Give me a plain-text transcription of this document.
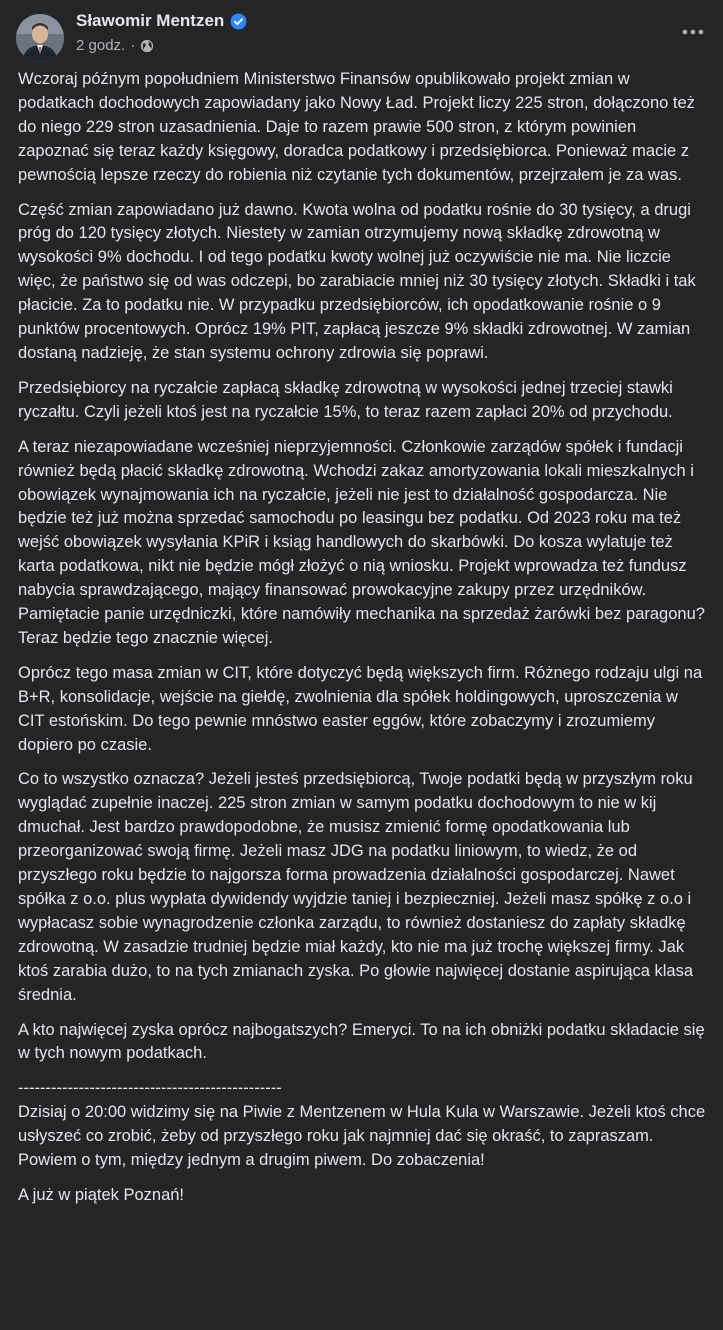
Sławomir Mentzen
2 godz. ·

Wczoraj późnym popołudniem Ministerstwo Finansów opublikowało projekt zmian w podatkach dochodowych zapowiadany jako Nowy Ład. Projekt liczy 225 stron, dołączono też do niego 229 stron uzasadnienia. Daje to razem prawie 500 stron, z którym powinien zapoznać się teraz każdy księgowy, doradca podatkowy i przedsiębiorca. Ponieważ macie z pewnością lepsze rzeczy do robienia niż czytanie tych dokumentów, przejrzałem je za was.

Część zmian zapowiadano już dawno. Kwota wolna od podatku rośnie do 30 tysięcy, a drugi próg do 120 tysięcy złotych. Niestety w zamian otrzymujemy nową składkę zdrowotną w wysokości 9% dochodu. I od tego podatku kwoty wolnej już oczywiście nie ma. Nie liczcie więc, że państwo się od was odczepi, bo zarabiacie mniej niż 30 tysięcy złotych. Składki i tak płacicie. Za to podatku nie. W przypadku przedsiębiorców, ich opodatkowanie rośnie o 9 punktów procentowych. Oprócz 19% PIT, zapłacą jeszcze 9% składki zdrowotnej. W zamian dostaną nadzieję, że stan systemu ochrony zdrowia się poprawi.

Przedsiębiorcy na ryczałcie zapłacą składkę zdrowotną w wysokości jednej trzeciej stawki ryczałtu. Czyli jeżeli ktoś jest na ryczałcie 15%, to teraz razem zapłaci 20% od przychodu.

A teraz niezapowiadane wcześniej nieprzyjemności. Członkowie zarządów spółek i fundacji również będą płacić składkę zdrowotną. Wchodzi zakaz amortyzowania lokali mieszkalnych i obowiązek wynajmowania ich na ryczałcie, jeżeli nie jest to działalność gospodarcza. Nie będzie też już można sprzedać samochodu po leasingu bez podatku. Od 2023 roku ma też wejść obowiązek wysyłania KPiR i ksiąg handlowych do skarbówki. Do kosza wylatuje też karta podatkowa, nikt nie będzie mógł złożyć o nią wniosku. Projekt wprowadza też fundusz nabycia sprawdzającego, mający finansować prowokacyjne zakupy przez urzędników. Pamiętacie panie urzędniczki, które namówiły mechanika na sprzedaż żarówki bez paragonu? Teraz będzie tego znacznie więcej.

Oprócz tego masa zmian w CIT, które dotyczyć będą większych firm. Różnego rodzaju ulgi na B+R, konsolidacje, wejście na giełdę, zwolnienia dla spółek holdingowych, uproszczenia w CIT estońskim. Do tego pewnie mnóstwo easter eggów, które zobaczymy i zrozumiemy dopiero po czasie.

Co to wszystko oznacza? Jeżeli jesteś przedsiębiorcą, Twoje podatki będą w przyszłym roku wyglądać zupełnie inaczej. 225 stron zmian w samym podatku dochodowym to nie w kij dmuchał. Jest bardzo prawdopodobne, że musisz zmienić formę opodatkowania lub przeorganizować swoją firmę. Jeżeli masz JDG na podatku liniowym, to wiedz, że od przyszłego roku będzie to najgorsza forma prowadzenia działalności gospodarczej. Nawet spółka z o.o. plus wypłata dywidendy wyjdzie taniej i bezpieczniej. Jeżeli masz spółkę z o.o i wypłacasz sobie wynagrodzenie członka zarządu, to również dostaniesz do zapłaty składkę zdrowotną. W zasadzie trudniej będzie miał każdy, kto nie ma już trochę większej firmy. Jak ktoś zarabia dużo, to na tych zmianach zyska. Po głowie najwięcej dostanie aspirująca klasa średnia.

A kto najwięcej zyska oprócz najbogatszych? Emeryci. To na ich obniżki podatku składacie się w tych nowym podatkach.

------------------------------------------------

Dzisiaj o 20:00 widzimy się na Piwie z Mentzenem w Hula Kula w Warszawie. Jeżeli ktoś chce usłyszeć co zrobić, żeby od przyszłego roku jak najmniej dać się okraść, to zapraszam. Powiem o tym, między jednym a drugim piwem. Do zobaczenia!

A już w piątek Poznań!
